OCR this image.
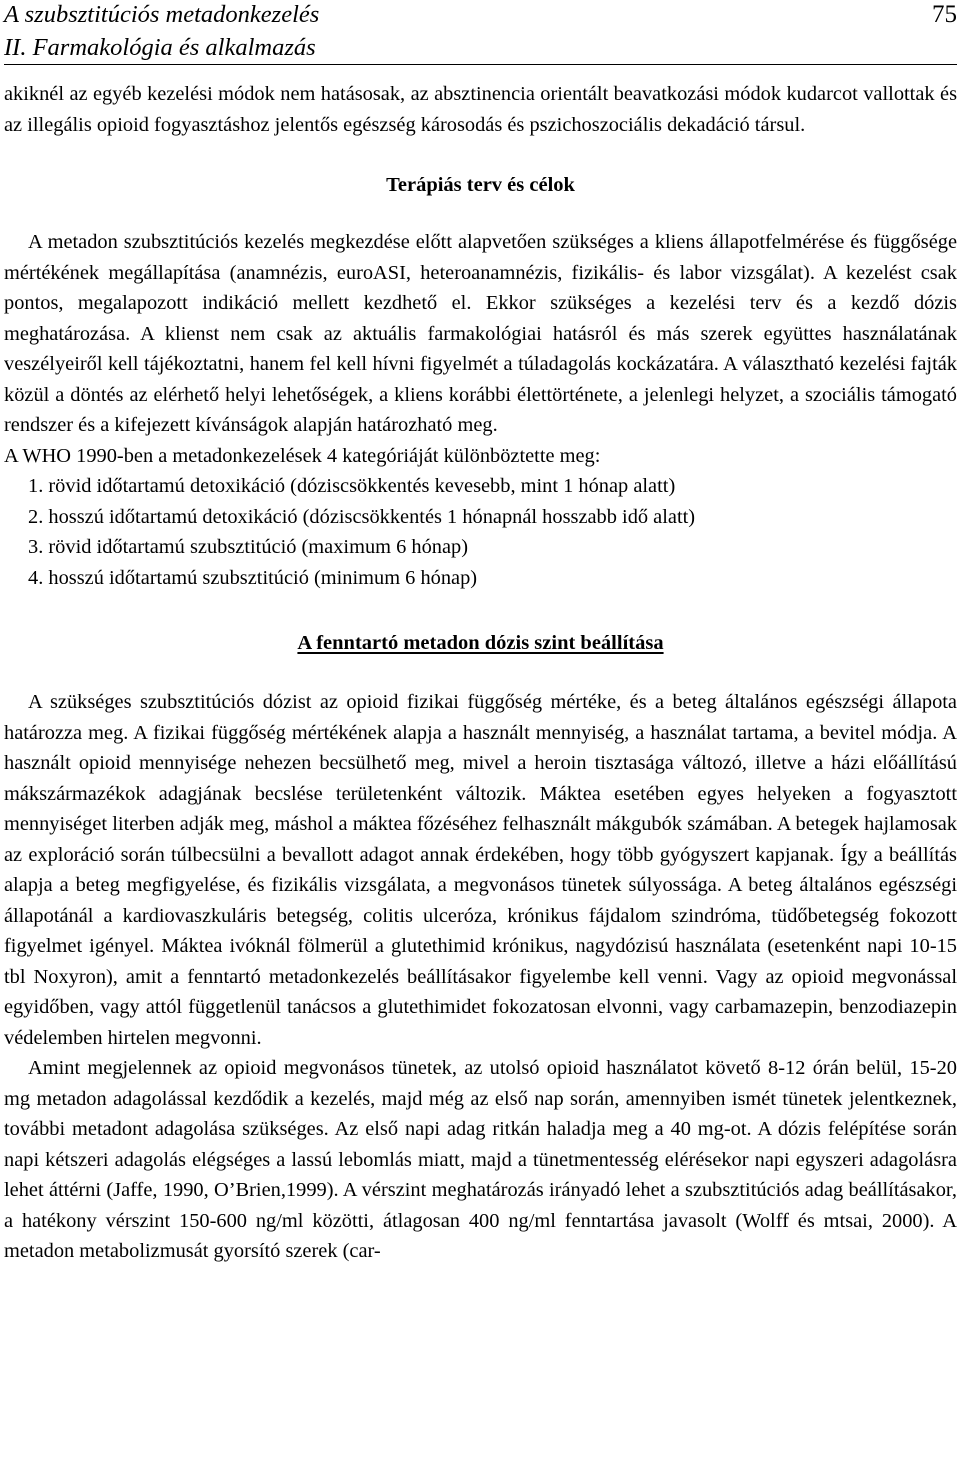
A szubsztitúciós metadonkezelés
II. Farmakológia és alkalmazás
75

akiknél az egyéb kezelési módok nem hatásosak, az absztinencia orientált beavatkozási módok kudarcot vallottak és az illegális opioid fogyasztáshoz jelentős egészség károsodás és pszichoszociális dekadáció társul.

Terápiás terv és célok

A metadon szubsztitúciós kezelés megkezdése előtt alapvetően szükséges a kliens állapotfelmérése és függősége mértékének megállapítása (anamnézis, euroASI, heteroanamnézis, fizikális- és labor vizsgálat). A kezelést csak pontos, megalapozott indikáció mellett kezdhető el. Ekkor szükséges a kezelési terv és a kezdő dózis meghatározása. A klienst nem csak az aktuális farmakológiai hatásról és más szerek együttes használatának veszélyeiről kell tájékoztatni, hanem fel kell hívni figyelmét a túladagolás kockázatára. A választható kezelési fajták közül a döntés az elérhető helyi lehetőségek, a kliens korábbi élettörténete, a jelenlegi helyzet, a szociális támogató rendszer és a kifejezett kívánságok alapján határozható meg.

A WHO 1990-ben a metadonkezelések 4 kategóriáját különböztette meg:

1. rövid időtartamú detoxikáció (dóziscsökkentés kevesebb, mint 1 hónap alatt)
2. hosszú időtartamú detoxikáció (dóziscsökkentés 1 hónapnál hosszabb idő alatt)
3. rövid időtartamú szubsztitúció (maximum 6 hónap)
4. hosszú időtartamú szubsztitúció (minimum 6 hónap)
A fenntartó metadon dózis szint beállítása

A szükséges szubsztitúciós dózist az opioid fizikai függőség mértéke, és a beteg általános egészségi állapota határozza meg. A fizikai függőség mértékének alapja a használt mennyiség, a használat tartama, a bevitel módja. A használt opioid mennyisége nehezen becsülhető meg, mivel a heroin tisztasága változó, illetve a házi előállítású mákszármazékok adagjának becslése területenként változik. Máktea esetében egyes helyeken a fogyasztott mennyiséget literben adják meg, máshol a máktea főzéséhez felhasznált mákgubók számában. A betegek hajlamosak az exploráció során túlbecsülni a bevallott adagot annak érdekében, hogy több gyógyszert kapjanak. Így a beállítás alapja a beteg megfigyelése, és fizikális vizsgálata, a megvonásos tünetek súlyossága. A beteg általános egészségi állapotánál a kardiovaszkuláris betegség, colitis ulceróza, krónikus fájdalom szindróma, tüdőbetegség fokozott figyelmet igényel. Máktea ivóknál fölmerül a glutethimid krónikus, nagydózisú használata (esetenként napi 10-15 tbl Noxyron), amit a fenntartó metadonkezelés beállításakor figyelembe kell venni. Vagy az opioid megvonással egyidőben, vagy attól függetlenül tanácsos a glutethimidet fokozatosan elvonni, vagy carbamazepin, benzodiazepin védelemben hirtelen megvonni.

Amint megjelennek az opioid megvonásos tünetek, az utolsó opioid használatot követő 8-12 órán belül, 15-20 mg metadon adagolással kezdődik a kezelés, majd még az első nap során, amennyiben ismét tünetek jelentkeznek, további metadont adagolása szükséges. Az első napi adag ritkán haladja meg a 40 mg-ot. A dózis felépítése során napi kétszeri adagolás elégséges a lassú lebomlás miatt, majd a tünetmentesség elérésekor napi egyszeri adagolásra lehet áttérni (Jaffe, 1990, O’Brien,1999). A vérszint meghatározás irányadó lehet a szubsztitúciós adag beállításakor, a hatékony vérszint 150-600 ng/ml közötti, átlagosan 400 ng/ml fenntartása javasolt (Wolff és mtsai, 2000). A metadon metabolizmusát gyorsító szerek (car-
